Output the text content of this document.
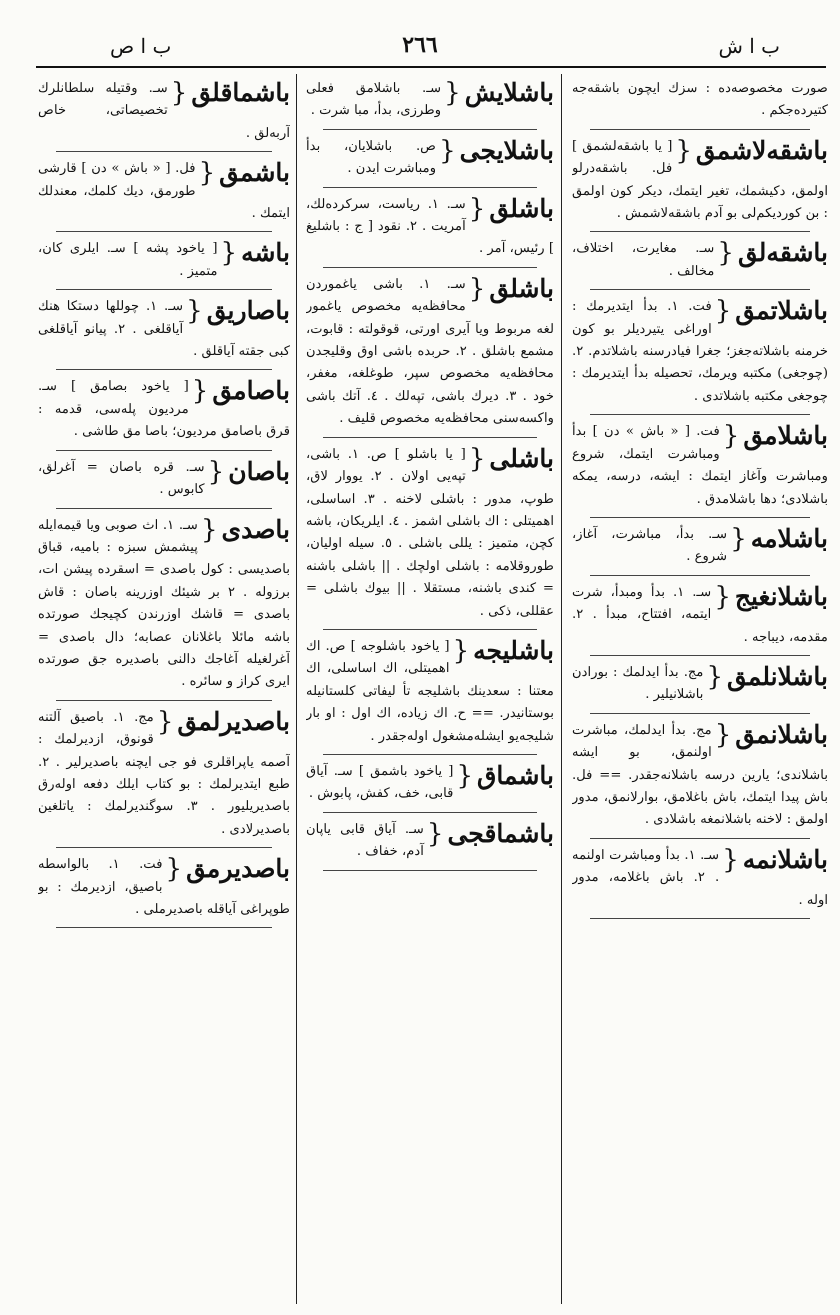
ب ا ص	۲٦٦	ب ا ش
صورت مخصوصه‌ده : سزك ایچون باشقه‌جه کتیرده‌جکم .
باشقه‌لاشمق
{
[ یا باشقه‌لشمق ] فل. باشقه‌درلو اولمق، دکیشمك، تغیر ایتمك، دیکر کون اولمق : بن کوردیکم‌لی بو آدم باشقه‌لاشمش .
باشقه‌لق
{
سـ. مغایرت، اختلاف، مخالف .
باشلاتمق
{
فت. ١. بدأ ایتدیرمك : اوراغی یتیردیلر بو کون خرمنه باشلاته‌جغز؛ جغرا فیادرسنه باشلاتدم. ٢. (چوجغی) مکتبه ویرمك، تحصیله بدأ ایتدیرمك : چوجغی مکتبه باشلاتدی .
باشلامق
{
فت. [ « باش » دن ] بدأ ومباشرت ایتمك، شروع ومباشرت وآغاز ایتمك : ایشه، درسه، یمکه باشلادی؛ دها باشلامدق .
باشلامه
{
سـ. بدأ، مباشرت، آغاز، شروع .
باشلانغیج
{
سـ. ١. بدأ ومبدأ، شرت ایتمه، افتتاح، مبدأ . ٢. مقدمه، دیباجه .
باشلانلمق
{
مج. بدأ ایدلمك : بورادن باشلانیلیر .
باشلانمق
{
مج. بدأ ایدلمك، مباشرت اولنمق، بو ایشه باشلاندی؛ یارین درسه باشلانه‌جقدر. == فل. باش پیدا ایتمك، باش باغلامق، بوارلانمق، مدور اولمق : لاخنه باشلانمغه باشلادی .
باشلانمه
{
سـ. ١. بدأ ومباشرت اولنمه . ٢. باش باغلامه، مدور اوله .
باشلایش
{
سـ. باشلامق فعلی وطرزی، بدأ، مبا شرت .
باشلایجی
{
ص. باشلایان، بدأ ومباشرت ایدن .
باشلق
{
سـ. ١. ریاست، سرکرده‌لك، آمریت . ٢. نقود [ ج : باشلیغ ] رئیس، آمر .
باشلق
{
سـ. ١. باشی یاغموردن محافظه‌یه مخصوص یاغمور لغه مربوط ویا آیری اورتی، قوقولته : قابوت، مشمع باشلق . ٢. حربده باشی اوق وقلیجدن محافظه‌یه مخصوص سپر، طوغلغه، مغفر، خود . ٣. دیرك باشی، تپه‌لك . ٤. آتك باشی واکسه‌سنی محافظه‌یه مخصوص قلیف .
باشلی
{
[ یا باشلو ] ص. ١. باشی، تپه‌یی اولان . ٢. یووار لاق، طوپ، مدور : باشلی لاخنه . ٣. اساسلی، اهمیتلی : اك باشلی اشمز . ٤. ایلریکان، باشه کچن، متمیز : یللی باشلی . ٥. سیله اولیان، طوروقلامه : باشلی اولچك . || باشلی باشنه = کندی باشنه، مستقلا . || بیوك باشلی = عقللی، ذکی .
باشلیجه
{
[ یاخود باشلوجه ] ص. اك اهمیتلی، اك اساسلی، اك معتنا : سعدینك باشلیجه تأ لیفاتی کلستانیله بوستانیدر. == ح. اك زیاده، اك اول : او بار شلیجه‌یو ایشله‌مشغول اوله‌جقدر .
باشماق
{
[ یاخود باشمق ] سـ. آیاق قابی، خف، کفش، پابوش .
باشماقجی
{
سـ. آیاق قابی یاپان آدم، خفاف .
باشماقلق
{
سـ. وقتیله سلطانلرك تخصیصاتی، خاص آربه‌لق .
باشمق
{
فل. [ « باش » دن ] قارشی طورمق، دیك کلمك، معندلك ایتمك .
باشه
{
[ یاخود پشه ] سـ. ایلری کان، متمیز .
باصاریق
{
سـ. ١. چوللها دستکا هنك آیاقلغی . ٢. پیانو آیاقلغی کبی جقته آیاقلق .
باصامق
{
[ یاخود بصامق ] سـ. مردیون پله‌سی، قدمه : قرق باصامق مردیون؛ باصا مق طاشی .
باصان
{
سـ. قره باصان = آغرلق، کابوس .
باصدی
{
سـ. ١. اث صوبی ویا قیمه‌ایله پیشمش سبزه : بامیه، قباق باصدیسی : کول باصدی = اسقرده پیشن ات، برزوله . ٢ بر شیئك اوزرینه باصان : قاش باصدی = قاشك اوزرندن کچیجك صورتده باشه مائلا باغلانان عصابه؛ دال باصدی = آغرلغیله آغاجك دالنی باصدیره جق صورتده ایری کراز و سائره .
باصدیرلمق
{
مج. ١. باصیق آلتنه قونوق، ازدیرلمك : آصمه یاپراقلری فو جی ایچنه باصدیرلیر . ٢. طبع ایتدیرلمك : بو کتاب ایلك دفعه اوله‌رق باصدیریلیور . ٣. سوگندیرلمك : یاتلغین باصدیرلادی .
باصدیرمق
{
فت. ١. بالواسطه باصیق، ازدیرمك : بو طوپراغی آیاقله باصدیرملی .
